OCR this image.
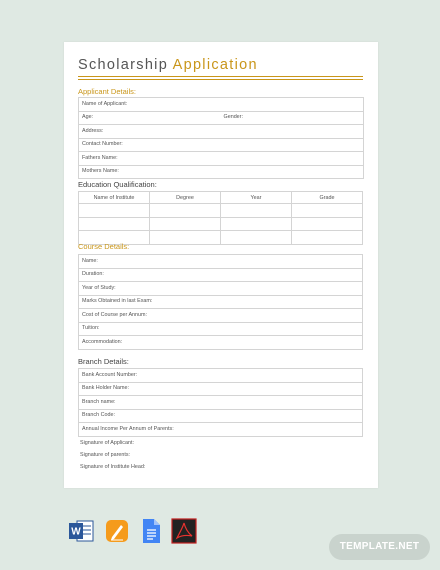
Scholarship Application
Applicant Details:
Name of Applicant:
Age:	Gender:
Address:
Contact Number:
Fathers Name:
Mothers Name:
Education Qualification:
Name of Institute	Degree	Year	Grade

Course Details:
Name:
Duration:
Year of Study:
Marks Obtained in last Exam:
Cost of Course per Annum:
Tuition:
Accommodation:
Branch Details:
Bank Account Number:
Bank Holder Name:
Branch name:
Branch Code:
Annual Income Per Annum of Parents:
Signature of Applicant:
Signature of parents:
Signature of Institute Head:
W
TEMPLATE.NET
